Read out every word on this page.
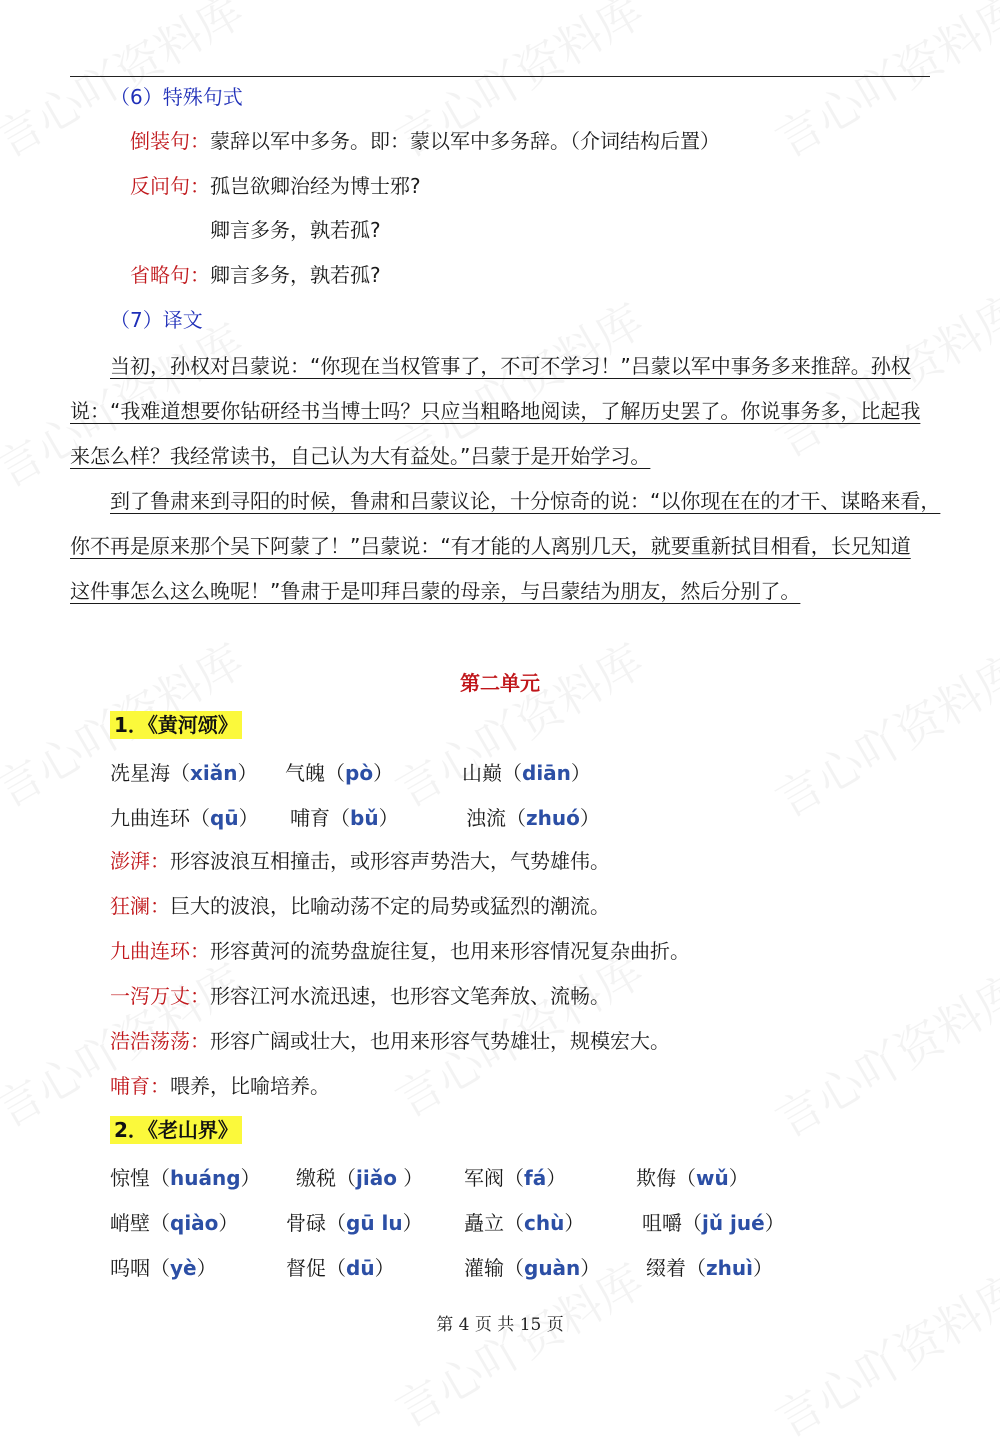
（6）特殊句式
倒装句：蒙辞以军中多务。即：蒙以军中多务辞。（介词结构后置）
反问句：孤岂欲卿治经为博士邪?
卿言多务，孰若孤?
省略句：卿言多务，孰若孤?
（7）译文
当初，孙权对吕蒙说：“你现在当权管事了，不可不学习！”吕蒙以军中事务多来推辞。孙权
说：“我难道想要你钻研经书当博士吗？只应当粗略地阅读，了解历史罢了。你说事务多，比起我
来怎么样？我经常读书，自己认为大有益处。”吕蒙于是开始学习。
到了鲁肃来到寻阳的时候，鲁肃和吕蒙议论，十分惊奇的说：“以你现在在的才干、谋略来看，
你不再是原来那个吴下阿蒙了！”吕蒙说：“有才能的人离别几天，就要重新拭目相看，长兄知道
这件事怎么这么晚呢！”鲁肃于是叩拜吕蒙的母亲，与吕蒙结为朋友，然后分别了。
第二单元
1．《黄河颂》
冼星海（xiǎn） 气魄（pò）	山巅（diān）
九曲连环（qū） 哺育（bǔ）	浊流（zhuó）
澎湃：形容波浪互相撞击，或形容声势浩大，气势雄伟。
狂澜：巨大的波浪，比喻动荡不定的局势或猛烈的潮流。
九曲连环：形容黄河的流势盘旋往复，也用来形容情况复杂曲折。
一泻万丈：形容江河水流迅速，也形容文笔奔放、流畅。
浩浩荡荡：形容广阔或壮大，也用来形容气势雄壮，规模宏大。
哺育：喂养，比喻培养。
2．《老山界》
惊惶（huáng） 缴税（jiǎo ） 军阀（fá）	欺侮（wǔ）
峭壁（qiào） 骨碌（gū lu） 矗立（chù）	咀嚼（jǔ jué）
呜咽（yè）	督促（dū）	灌输（guàn） 缀着（zhuì）
第 4 页 共 15 页
